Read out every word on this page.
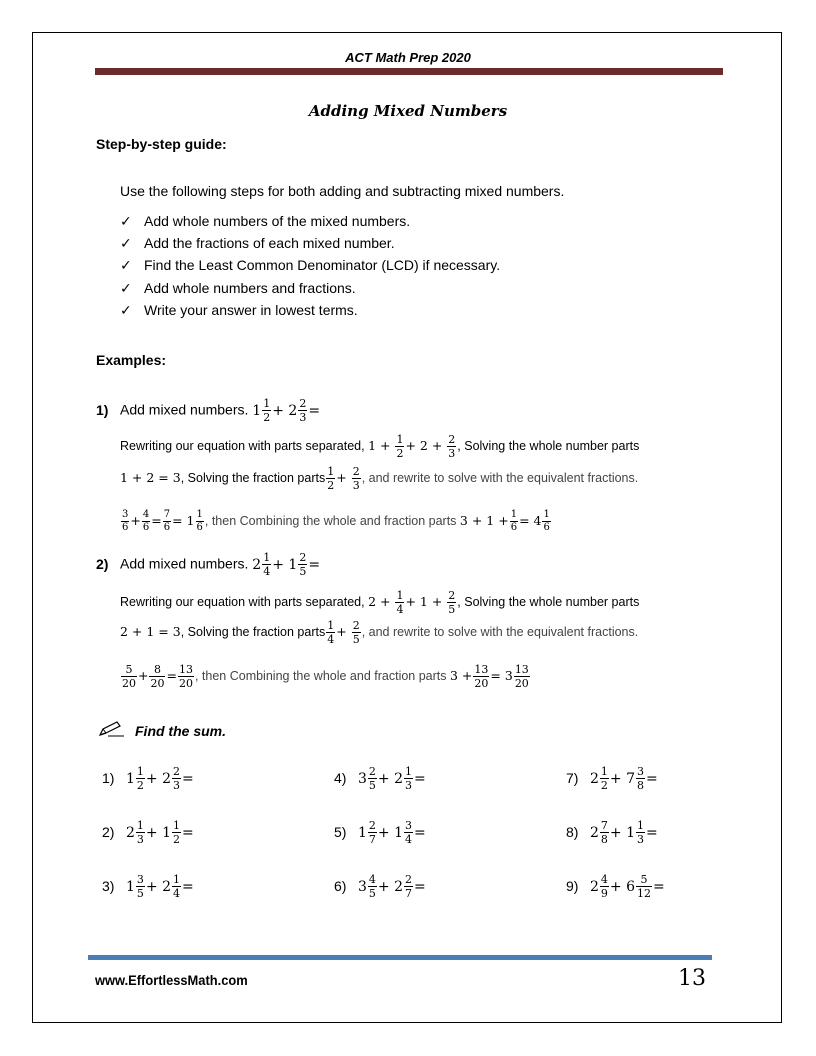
ACT Math Prep 2020
Adding Mixed Numbers
Step-by-step guide:
Use the following steps for both adding and subtracting mixed numbers.
✓ Add whole numbers of the mixed numbers.
✓ Add the fractions of each mixed number.
✓ Find the Least Common Denominator (LCD) if necessary.
✓ Add whole numbers and fractions.
✓ Write your answer in lowest terms.
Examples:
1) Add mixed numbers. $1 \frac{1}{2} + 2 \frac{2}{3}$ =
Rewriting our equation with parts separated, $1 + \frac{1}{2} + 2 + \frac{2}{3}$ , Solving the whole number parts
1 + 2 = 3, Solving the fraction parts $\frac{1}{2} + \frac{2}{3}$ , and rewrite to solve with the equivalent fractions.
$\frac{3}{6} + \frac{4}{6} = \frac{7}{6} = 1 \frac{1}{6}$ , then Combining the whole and fraction parts $3 + 1 + \frac{1}{6} = 4 \frac{1}{6}$
2) Add mixed numbers. $2 \frac{1}{4} + 1 \frac{2}{5}$ =
Rewriting our equation with parts separated, $2 + \frac{1}{4} + 1 + \frac{2}{5}$ , Solving the whole number parts
2 + 1 = 3, Solving the fraction parts $\frac{1}{4} + \frac{2}{5}$ , and rewrite to solve with the equivalent fractions.
$\frac{5}{20} + \frac{8}{20} = \frac{13}{20}$ , then Combining the whole and fraction parts $3 + \frac{13}{20} = 3 \frac{13}{20}$
Find the sum.
1) $1 \frac{1}{2} + 2 \frac{2}{3}$ =
2) $2 \frac{1}{3} + 1 \frac{1}{2}$ =
3) $1 \frac{3}{5} + 2 \frac{1}{4}$ =
4) $3 \frac{2}{5} + 2 \frac{1}{3}$ =
5) $1 \frac{2}{7} + 1 \frac{3}{4}$ =
6) $3 \frac{4}{5} + 2 \frac{2}{7}$ =
7) $2 \frac{1}{2} + 7 \frac{3}{8}$ =
8) $2 \frac{7}{8} + 1 \frac{1}{3}$ =
9) $2 \frac{4}{9} + 6 \frac{5}{12}$ =
www.EffortlessMath.com	13
